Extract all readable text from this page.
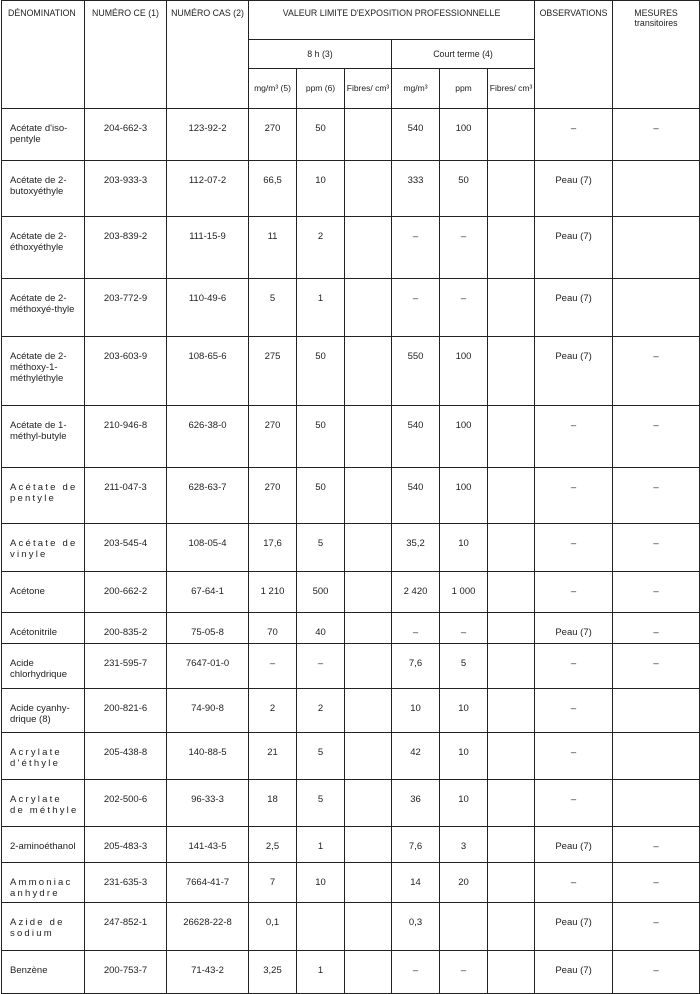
DÉNOMINATION	NUMÉRO CE (1)	NUMÉRO CAS (2)	VALEUR LIMITE D'EXPOSITION PROFESSIONNELLE						OBSERVATIONS	MESURES transitoires
			8 h (3)			Court terme (4)				
			mg/m³ (5)	ppm (6)	Fibres/ cm³	mg/m³	ppm	Fibres/ cm³		
Acétate d'iso-pentyle	204-662-3	123-92-2	270	50		540	100		–	–
Acétate de 2-butoxyéthyle	203-933-3	112-07-2	66,5	10		333	50		Peau (7)	
Acétate de 2-éthoxyéthyle	203-839-2	111-15-9	11	2		–	–		Peau (7)	
Acétate de 2-méthoxyé-thyle	203-772-9	110-49-6	5	1		–	–		Peau (7)	
Acétate de 2-méthoxy-1-méthyléthyle	203-603-9	108-65-6	275	50		550	100		Peau (7)	–
Acétate de 1-méthyl-butyle	210-946-8	626-38-0	270	50		540	100		–	–
Acétate de pentyle	211-047-3	628-63-7	270	50		540	100		–	–
Acétate de vinyle	203-545-4	108-05-4	17,6	5		35,2	10		–	–
Acétone	200-662-2	67-64-1	1 210	500		2 420	1 000		–	–
Acétonitrile	200-835-2	75-05-8	70	40		–	–		Peau (7)	–
Acide chlorhydrique	231-595-7	7647-01-0	–	–		7,6	5		–	–
Acide cyanhy-drique (8)	200-821-6	74-90-8	2	2		10	10		–	
Acrylate d'éthyle	205-438-8	140-88-5	21	5		42	10		–	
Acrylate de méthyle	202-500-6	96-33-3	18	5		36	10		–	
2-aminoéthanol	205-483-3	141-43-5	2,5	1		7,6	3		Peau (7)	–
Ammoniac anhydre	231-635-3	7664-41-7	7	10		14	20		–	–
Azide de sodium	247-852-1	26628-22-8	0,1			0,3			Peau (7)	–
Benzène	200-753-7	71-43-2	3,25	1		–	–		Peau (7)	–
